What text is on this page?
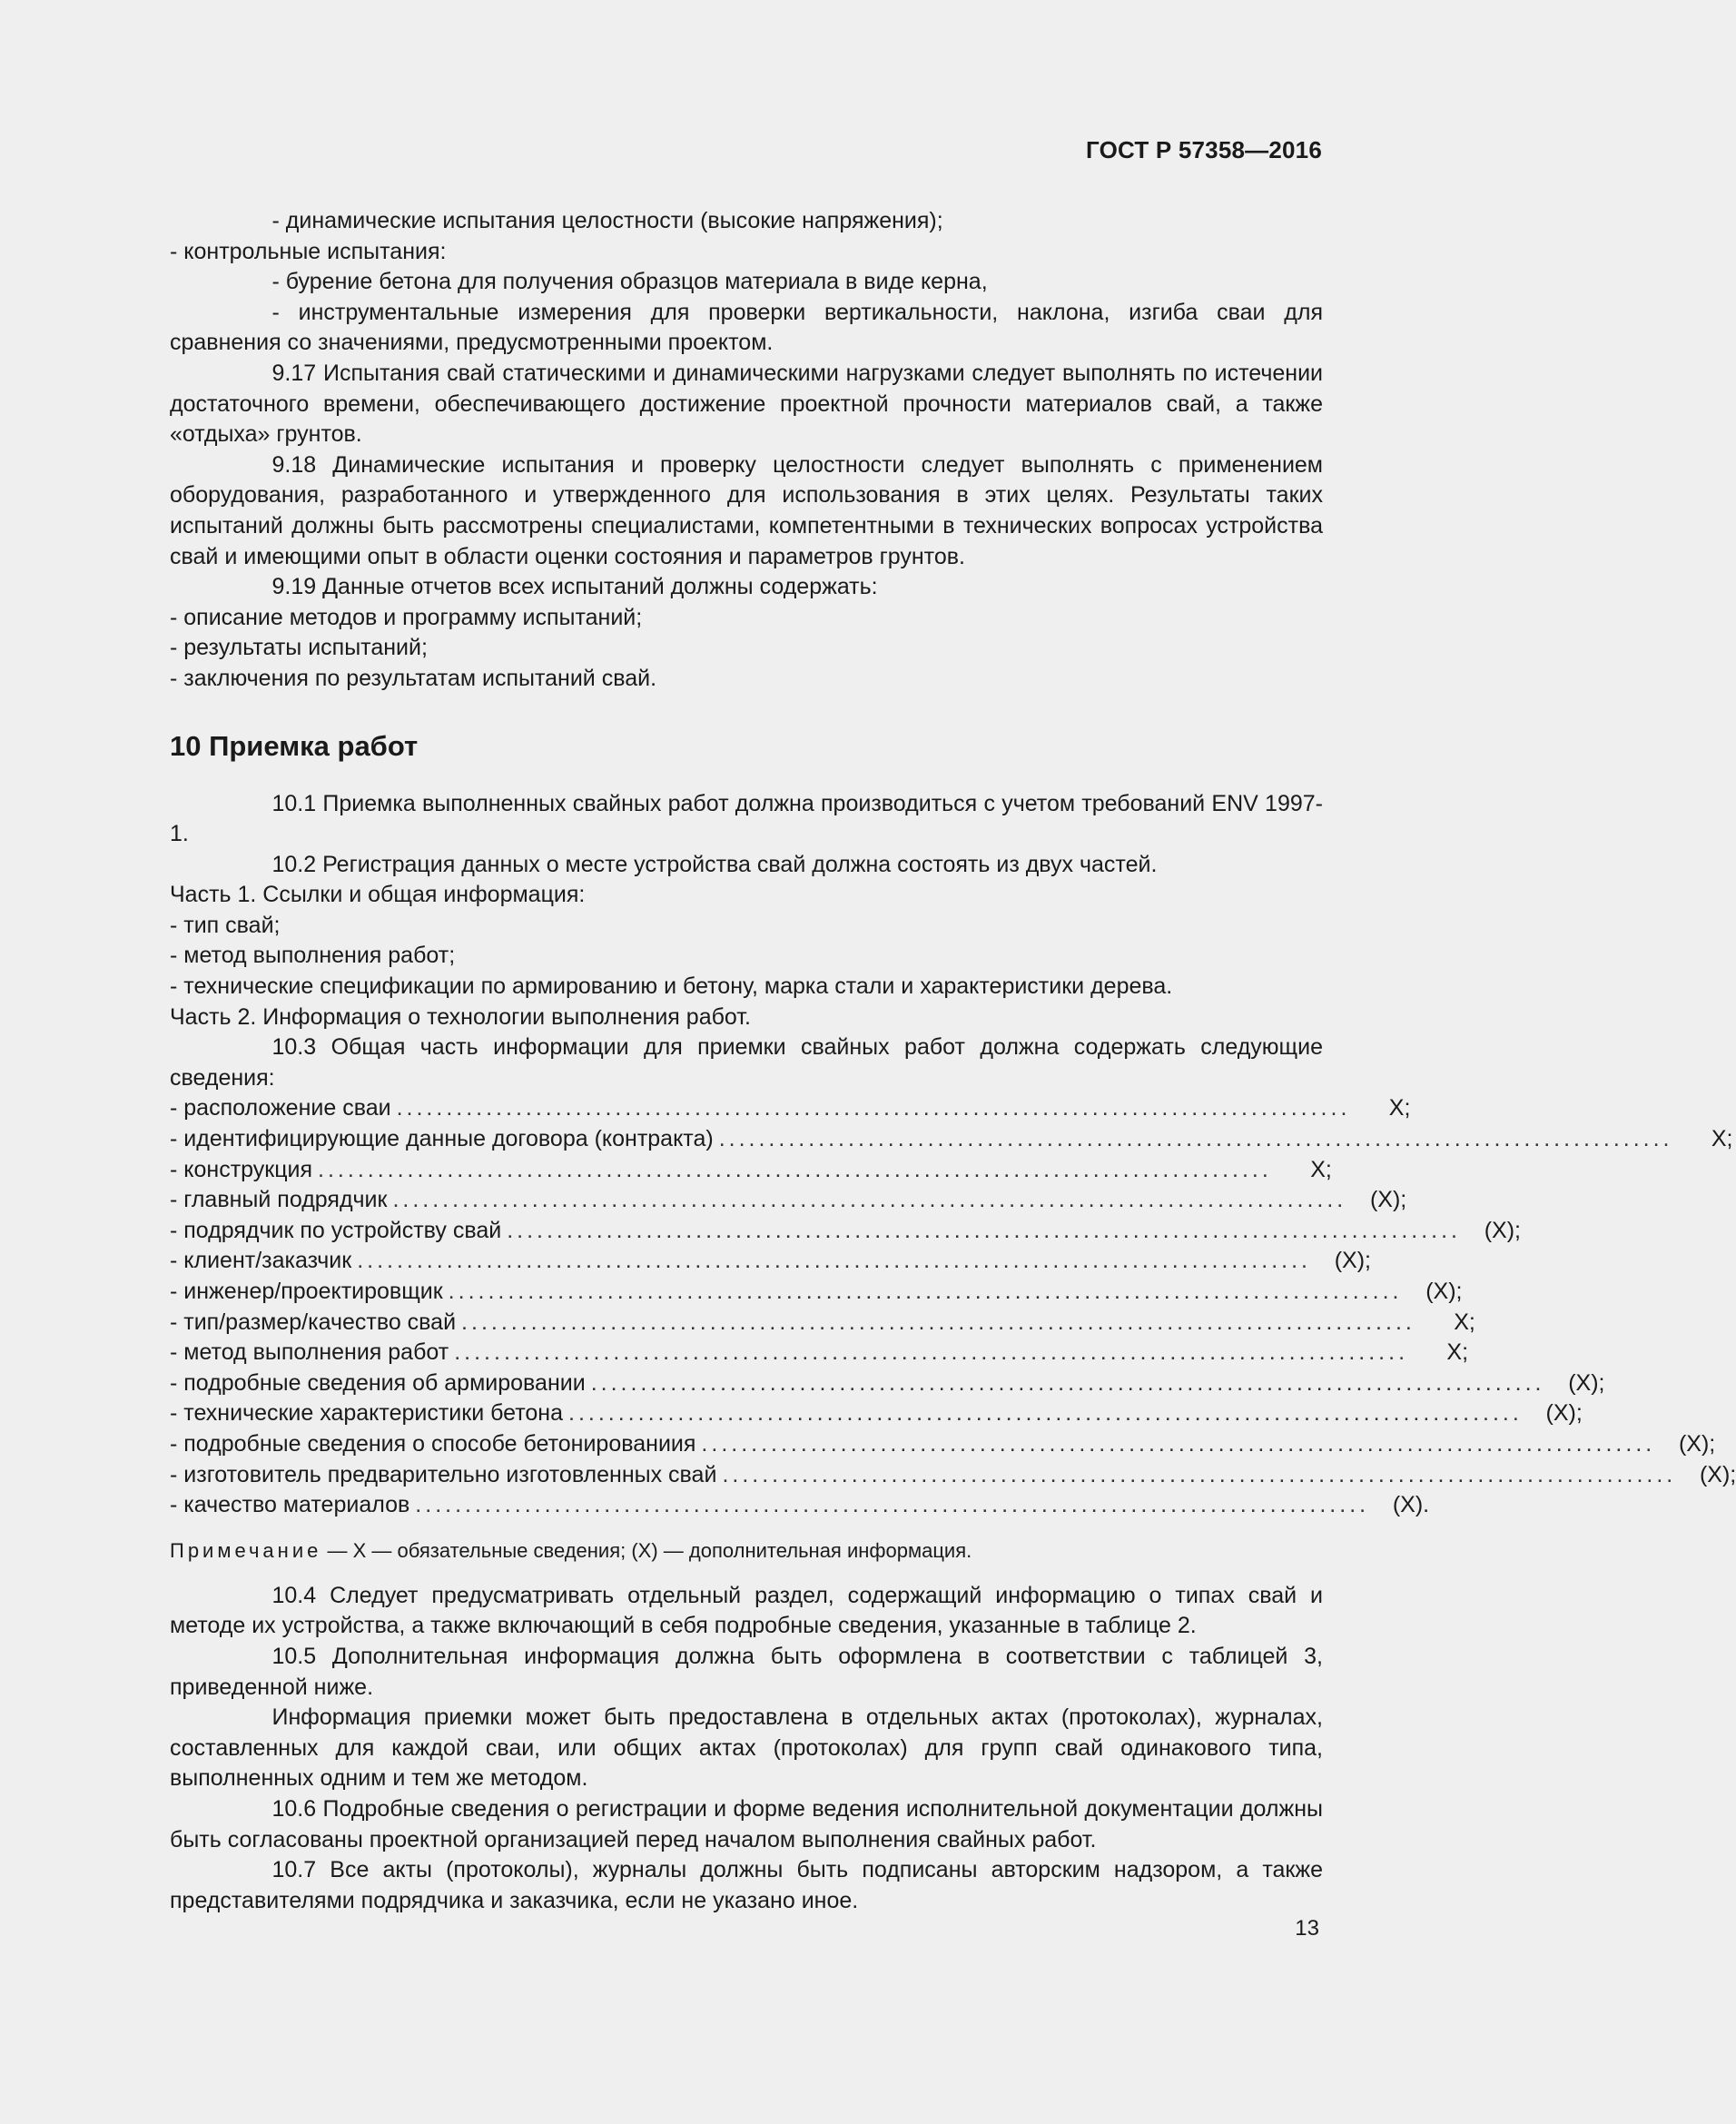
ГОСТ Р 57358—2016

- динамические испытания целостности (высокие напряжения);

- контрольные испытания:

- бурение бетона для получения образцов материала в виде керна,

- инструментальные измерения для проверки вертикальности, наклона, изгиба сваи для сравнения со значениями, предусмотренными проектом.

9.17 Испытания свай статическими и динамическими нагрузками следует выполнять по истечении достаточного времени, обеспечивающего достижение проектной прочности материалов свай, а также «отдыха» грунтов.

9.18 Динамические испытания и проверку целостности следует выполнять с применением оборудования, разработанного и утвержденного для использования в этих целях. Результаты таких испытаний должны быть рассмотрены специалистами, компетентными в технических вопросах устройства свай и имеющими опыт в области оценки состояния и параметров грунтов.

9.19 Данные отчетов всех испытаний должны содержать:

- описание методов и программу испытаний;

- результаты испытаний;

- заключения по результатам испытаний свай.

10 Приемка работ

10.1 Приемка выполненных свайных работ должна производиться с учетом требований ENV 1997-1.

10.2 Регистрация данных о месте устройства свай должна состоять из двух частей.

Часть 1. Ссылки и общая информация:

- тип свай;

- метод выполнения работ;

- технические спецификации по армированию и бетону, марка стали и характеристики дерева.

Часть 2. Информация о технологии выполнения работ.

10.3 Общая часть информации для приемки свайных работ должна содержать следующие сведения:

- расположение сваи ................................................................................................	X;
- идентифицирующие данные договора (контракта) ................................................................................................	X;
- конструкция ................................................................................................	X;
- главный подрядчик ................................................................................................	(X);
- подрядчик по устройству свай ................................................................................................	(X);
- клиент/заказчик ................................................................................................	(X);
- инженер/проектировщик ................................................................................................	(X);
- тип/размер/качество свай ................................................................................................	X;
- метод выполнения работ ................................................................................................	X;
- подробные сведения об армировании ................................................................................................	(X);
- технические характеристики бетона ................................................................................................	(X);
- подробные сведения о способе бетонированиия ................................................................................................	(X);
- изготовитель предварительно изготовленных свай ................................................................................................	(X);
- качество материалов ................................................................................................	(X).

Примечание — X — обязательные сведения; (X) — дополнительная информация.

10.4 Следует предусматривать отдельный раздел, содержащий информацию о типах свай и методе их устройства, а также включающий в себя подробные сведения, указанные в таблице 2.

10.5 Дополнительная информация должна быть оформлена в соответствии с таблицей 3, приведенной ниже.

Информация приемки может быть предоставлена в отдельных актах (протоколах), журналах, составленных для каждой сваи, или общих актах (протоколах) для групп свай одинакового типа, выполненных одним и тем же методом.

10.6 Подробные сведения о регистрации и форме ведения исполнительной документации должны быть согласованы проектной организацией перед началом выполнения свайных работ.

10.7 Все акты (протоколы), журналы должны быть подписаны авторским надзором, а также представителями подрядчика и заказчика, если не указано иное.

13
